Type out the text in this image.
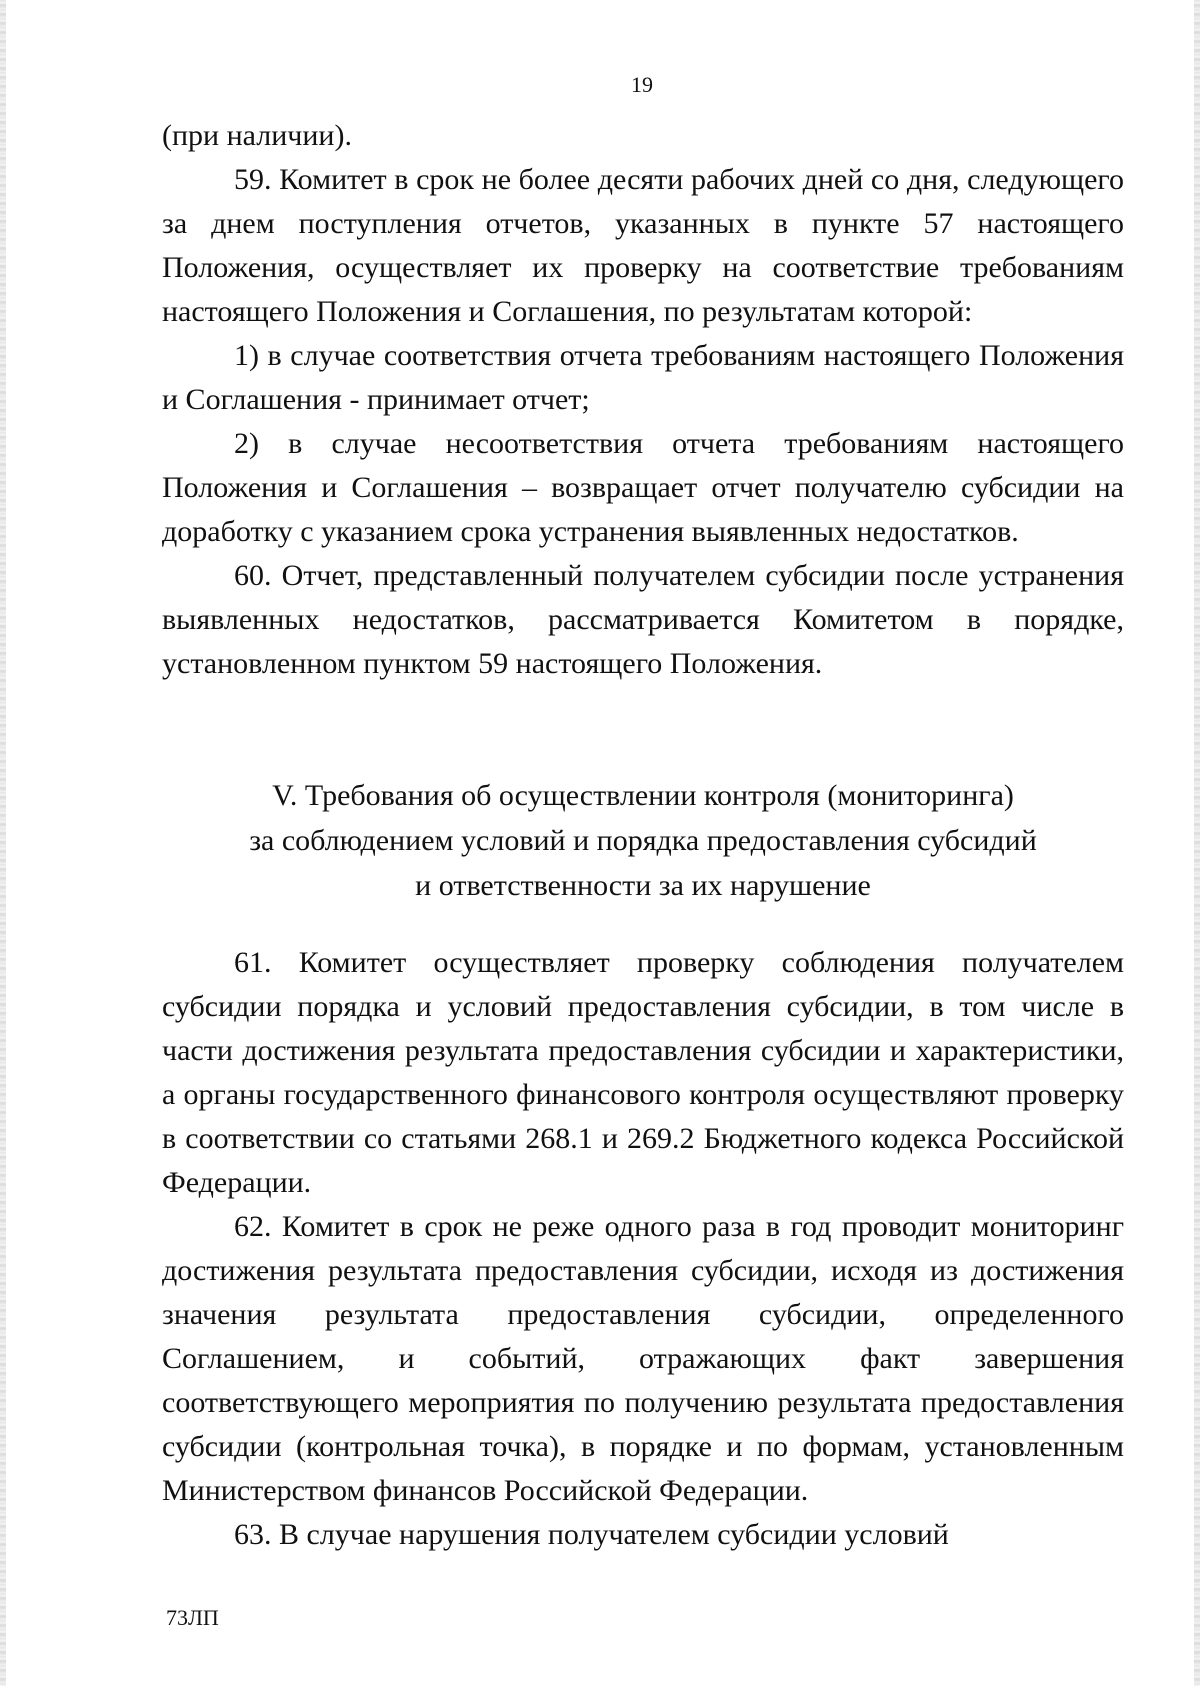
19

(при наличии).

59. Комитет в срок не более десяти рабочих дней со дня, следующего за днем поступления отчетов, указанных в пункте 57 настоящего Положения, осуществляет их проверку на соответствие требованиям настоящего Положения и Соглашения, по результатам которой:

1) в случае соответствия отчета требованиям настоящего Положения и Соглашения - принимает отчет;

2) в случае несоответствия отчета требованиям настоящего Положения и Соглашения – возвращает отчет получателю субсидии на доработку с указанием срока устранения выявленных недостатков.

60. Отчет, представленный получателем субсидии после устранения выявленных недостатков, рассматривается Комитетом в порядке, установленном пунктом 59 настоящего Положения.

V. Требования об осуществлении контроля (мониторинга)
за соблюдением условий и порядка предоставления субсидий
и ответственности за их нарушение

61. Комитет осуществляет проверку соблюдения получателем субсидии порядка и условий предоставления субсидии, в том числе в части достижения результата предоставления субсидии и характеристики, а органы государственного финансового контроля осуществляют проверку в соответствии со статьями 268.1 и 269.2 Бюджетного кодекса Российской Федерации.

62. Комитет в срок не реже одного раза в год проводит мониторинг достижения результата предоставления субсидии, исходя из достижения значения результата предоставления субсидии, определенного Соглашением, и событий, отражающих факт завершения соответствующего мероприятия по получению результата предоставления субсидии (контрольная точка), в порядке и по формам, установленным Министерством финансов Российской Федерации.

63. В случае нарушения получателем субсидии условий

73ЛП
